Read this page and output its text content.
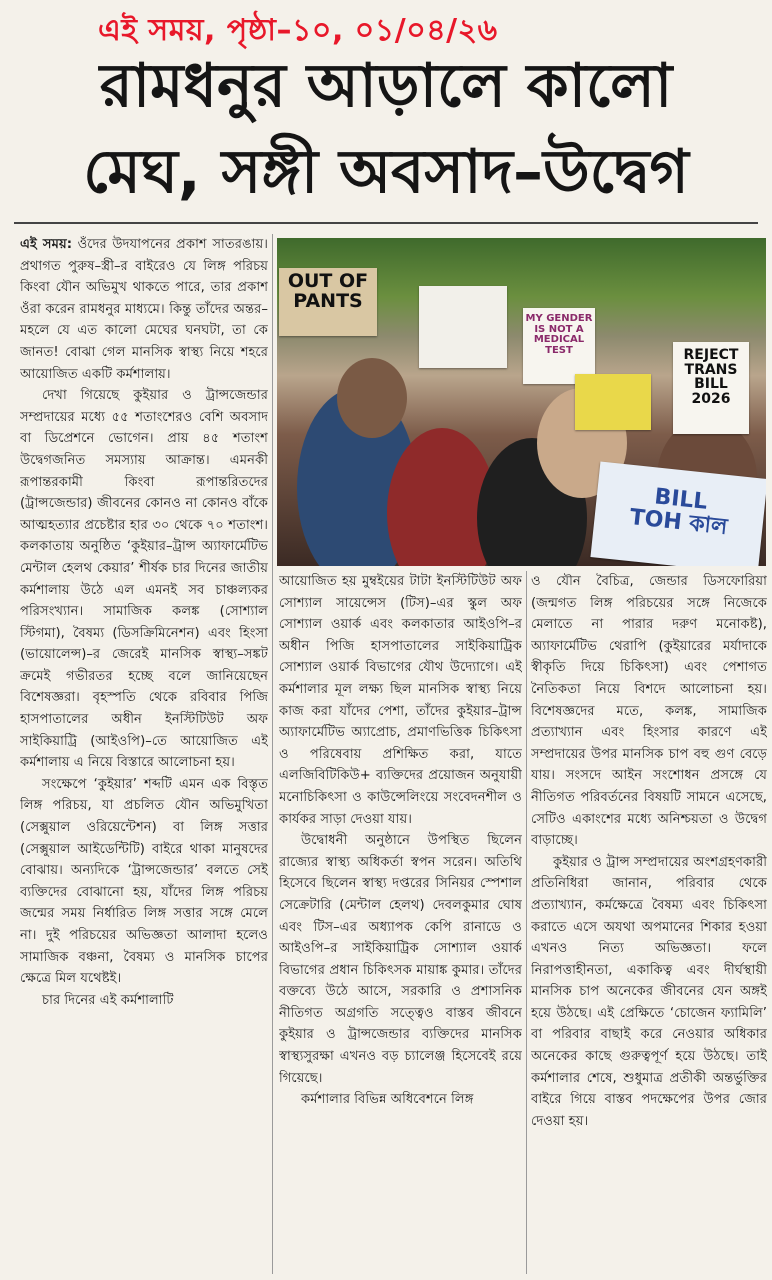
এই সময়, পৃষ্ঠা–১০, ০১/০৪/২৬
রামধনুর আড়ালে কালো
মেঘ, সঙ্গী অবসাদ–উদ্বেগ

এই সময়: ওঁদের উদযাপনের প্রকাশ সাতরঙায়। প্রথাগত পুরুষ–স্ত্রী–র বাইরেও যে লিঙ্গ পরিচয় কিংবা যৌন অভিমুখ থাকতে পারে, তার প্রকাশ ওঁরা করেন রামধনুর মাধ্যমে। কিন্তু তাঁদের অন্তর–মহলে যে এত কালো মেঘের ঘনঘটা, তা কে জানত! বোঝা গেল মানসিক স্বাস্থ্য নিয়ে শহরে আয়োজিত একটি কর্মশালায়।

দেখা গিয়েছে কুইয়ার ও ট্রান্সজেন্ডার সম্প্রদায়ের মধ্যে ৫৫ শতাংশেরও বেশি অবসাদ বা ডিপ্রেশনে ভোগেন। প্রায় ৪৫ শতাংশ উদ্বেগজনিত সমস্যায় আক্রান্ত। এমনকী রূপান্তরকামী কিংবা রূপান্তরিতদের (ট্রান্সজেন্ডার) জীবনের কোনও না কোনও বাঁকে আত্মহত্যার প্রচেষ্টার হার ৩০ থেকে ৭০ শতাংশ। কলকাতায় অনুষ্ঠিত ‘কুইয়ার–ট্রান্স অ্যাফার্মেটিভ মেন্টাল হেলথ কেয়ার’ শীর্ষক চার দিনের জাতীয় কর্মশালায় উঠে এল এমনই সব চাঞ্চল্যকর পরিসংখ্যান। সামাজিক কলঙ্ক (সোশ্যাল স্টিগমা), বৈষম্য (ডিসক্রিমিনেশন) এবং হিংসা (ভায়োলেন্স)–র জেরেই মানসিক স্বাস্থ্য–সঙ্কট ক্রমেই গভীরতর হচ্ছে বলে জানিয়েছেন বিশেষজ্ঞরা। বৃহস্পতি থেকে রবিবার পিজি হাসপাতালের অধীন ইনস্টিটিউট অফ সাইকিয়াট্রি (আইওপি)–তে আয়োজিত এই কর্মশালায় এ নিয়ে বিস্তারে আলোচনা হয়।

সংক্ষেপে ‘কুইয়ার’ শব্দটি এমন এক বিস্তৃত লিঙ্গ পরিচয়, যা প্রচলিত যৌন অভিমুখিতা (সেক্সুয়াল ওরিয়েন্টেশন) বা লিঙ্গ সত্তার (সেক্সুয়াল আইডেন্টিটি) বাইরে থাকা মানুষদের বোঝায়। অন্যদিকে ‘ট্রান্সজেন্ডার’ বলতে সেই ব্যক্তিদের বোঝানো হয়, যাঁদের লিঙ্গ পরিচয় জন্মের সময় নির্ধারিত লিঙ্গ সত্তার সঙ্গে মেলে না। দুই পরিচয়ের অভিজ্ঞতা আলাদা হলেও সামাজিক বঞ্চনা, বৈষম্য ও মানসিক চাপের ক্ষেত্রে মিল যথেষ্টই।

চার দিনের এই কর্মশালাটি

OUT OF
PANTS
MY GENDER
IS NOT A
MEDICAL
TEST	REJECT
TRANS
BILL
2026
BILL
TOH কাল

আয়োজিত হয় মুম্বইয়ের টাটা ইনস্টিটিউট অফ সোশ্যাল সায়েন্সেস (টিস)–এর স্কুল অফ সোশ্যাল ওয়ার্ক এবং কলকাতার আইওপি–র অধীন পিজি হাসপাতালের সাইকিয়াট্রিক সোশ্যাল ওয়ার্ক বিভাগের যৌথ উদ্যোগে। এই কর্মশালার মূল লক্ষ্য ছিল মানসিক স্বাস্থ্য নিয়ে কাজ করা যাঁদের পেশা, তাঁদের কুইয়ার–ট্রান্স অ্যাফার্মেটিভ অ্যাপ্রোচ, প্রমাণভিত্তিক চিকিৎসা ও পরিষেবায় প্রশিক্ষিত করা, যাতে এলজিবিটিকিউ+ ব্যক্তিদের প্রয়োজন অনুযায়ী মনোচিকিৎসা ও কাউন্সেলিংয়ে সংবেদনশীল ও কার্যকর সাড়া দেওয়া যায়।

উদ্বোধনী অনুষ্ঠানে উপস্থিত ছিলেন রাজ্যের স্বাস্থ্য অধিকর্তা স্বপন সরেন। অতিথি হিসেবে ছিলেন স্বাস্থ্য দপ্তরের সিনিয়র স্পেশাল সেক্রেটারি (মেন্টাল হেলথ) দেবলকুমার ঘোষ এবং টিস–এর অধ্যাপক কেপি রানাডে ও আইওপি–র সাইকিয়াট্রিক সোশ্যাল ওয়ার্ক বিভাগের প্রধান চিকিৎসক মায়াঙ্ক কুমার। তাঁদের বক্তব্যে উঠে আসে, সরকারি ও প্রশাসনিক নীতিগত অগ্রগতি সত্ত্বেও বাস্তব জীবনে কুইয়ার ও ট্রান্সজেন্ডার ব্যক্তিদের মানসিক স্বাস্থ্যসুরক্ষা এখনও বড় চ্যালেঞ্জ হিসেবেই রয়ে গিয়েছে।

কর্মশালার বিভিন্ন অধিবেশনে লিঙ্গ

ও যৌন বৈচিত্র, জেন্ডার ডিসফোরিয়া (জন্মগত লিঙ্গ পরিচয়ের সঙ্গে নিজেকে মেলাতে না পারার দরুণ মনোকষ্ট), অ্যাফার্মেটিভ থেরাপি (কুইয়ারের মর্যাদাকে স্বীকৃতি দিয়ে চিকিৎসা) এবং পেশাগত নৈতিকতা নিয়ে বিশদে আলোচনা হয়। বিশেষজ্ঞদের মতে, কলঙ্ক, সামাজিক প্রত্যাখ্যান এবং হিংসার কারণে এই সম্প্রদায়ের উপর মানসিক চাপ বহু গুণ বেড়ে যায়। সংসদে আইন সংশোধন প্রসঙ্গে যে নীতিগত পরিবর্তনের বিষয়টি সামনে এসেছে, সেটিও একাংশের মধ্যে অনিশ্চয়তা ও উদ্বেগ বাড়াচ্ছে।

কুইয়ার ও ট্রান্স সম্প্রদায়ের অংশগ্রহণকারী প্রতিনিধিরা জানান, পরিবার থেকে প্রত্যাখ্যান, কর্মক্ষেত্রে বৈষম্য এবং চিকিৎসা করাতে এসে অযথা অপমানের শিকার হওয়া এখনও নিত্য অভিজ্ঞতা। ফলে নিরাপত্তাহীনতা, একাকিত্ব এবং দীর্ঘস্থায়ী মানসিক চাপ অনেকের জীবনের যেন অঙ্গই হয়ে উঠছে। এই প্রেক্ষিতে ‘চোজেন ফ্যামিলি’ বা পরিবার বাছাই করে নেওয়ার অধিকার অনেকের কাছে গুরুত্বপূর্ণ হয়ে উঠছে। তাই কর্মশালার শেষে, শুধুমাত্র প্রতীকী অন্তর্ভুক্তির বাইরে গিয়ে বাস্তব পদক্ষেপের উপর জোর দেওয়া হয়।
